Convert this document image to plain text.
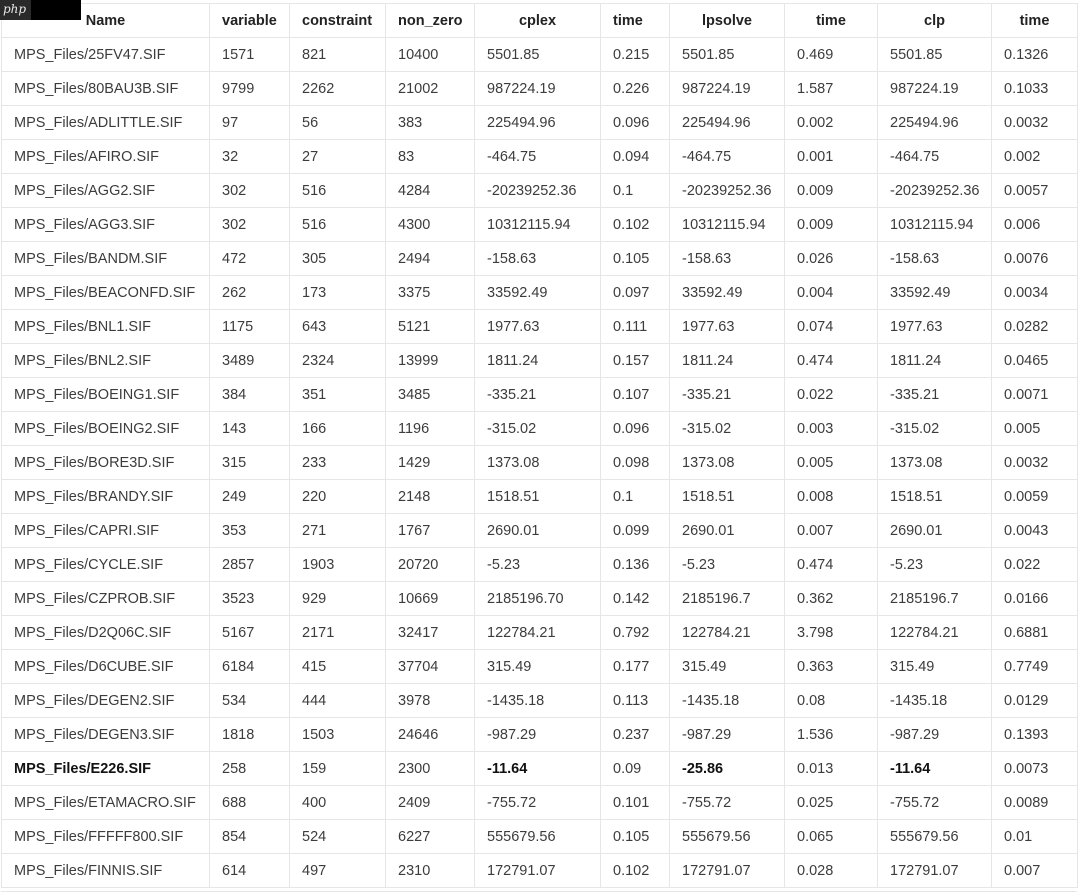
php
Name	variable	constraint	non_zero	cplex	time	lpsolve	time	clp	time
MPS_Files/25FV47.SIF	1571	821	10400	5501.85	0.215	5501.85	0.469	5501.85	0.1326
MPS_Files/80BAU3B.SIF	9799	2262	21002	987224.19	0.226	987224.19	1.587	987224.19	0.1033
MPS_Files/ADLITTLE.SIF	97	56	383	225494.96	0.096	225494.96	0.002	225494.96	0.0032
MPS_Files/AFIRO.SIF	32	27	83	-464.75	0.094	-464.75	0.001	-464.75	0.002
MPS_Files/AGG2.SIF	302	516	4284	-20239252.36	0.1	-20239252.36	0.009	-20239252.36	0.0057
MPS_Files/AGG3.SIF	302	516	4300	10312115.94	0.102	10312115.94	0.009	10312115.94	0.006
MPS_Files/BANDM.SIF	472	305	2494	-158.63	0.105	-158.63	0.026	-158.63	0.0076
MPS_Files/BEACONFD.SIF	262	173	3375	33592.49	0.097	33592.49	0.004	33592.49	0.0034
MPS_Files/BNL1.SIF	1175	643	5121	1977.63	0.111	1977.63	0.074	1977.63	0.0282
MPS_Files/BNL2.SIF	3489	2324	13999	1811.24	0.157	1811.24	0.474	1811.24	0.0465
MPS_Files/BOEING1.SIF	384	351	3485	-335.21	0.107	-335.21	0.022	-335.21	0.0071
MPS_Files/BOEING2.SIF	143	166	1196	-315.02	0.096	-315.02	0.003	-315.02	0.005
MPS_Files/BORE3D.SIF	315	233	1429	1373.08	0.098	1373.08	0.005	1373.08	0.0032
MPS_Files/BRANDY.SIF	249	220	2148	1518.51	0.1	1518.51	0.008	1518.51	0.0059
MPS_Files/CAPRI.SIF	353	271	1767	2690.01	0.099	2690.01	0.007	2690.01	0.0043
MPS_Files/CYCLE.SIF	2857	1903	20720	-5.23	0.136	-5.23	0.474	-5.23	0.022
MPS_Files/CZPROB.SIF	3523	929	10669	2185196.70	0.142	2185196.7	0.362	2185196.7	0.0166
MPS_Files/D2Q06C.SIF	5167	2171	32417	122784.21	0.792	122784.21	3.798	122784.21	0.6881
MPS_Files/D6CUBE.SIF	6184	415	37704	315.49	0.177	315.49	0.363	315.49	0.7749
MPS_Files/DEGEN2.SIF	534	444	3978	-1435.18	0.113	-1435.18	0.08	-1435.18	0.0129
MPS_Files/DEGEN3.SIF	1818	1503	24646	-987.29	0.237	-987.29	1.536	-987.29	0.1393
MPS_Files/E226.SIF	258	159	2300	-11.64	0.09	-25.86	0.013	-11.64	0.0073
MPS_Files/ETAMACRO.SIF	688	400	2409	-755.72	0.101	-755.72	0.025	-755.72	0.0089
MPS_Files/FFFFF800.SIF	854	524	6227	555679.56	0.105	555679.56	0.065	555679.56	0.01
MPS_Files/FINNIS.SIF	614	497	2310	172791.07	0.102	172791.07	0.028	172791.07	0.007
